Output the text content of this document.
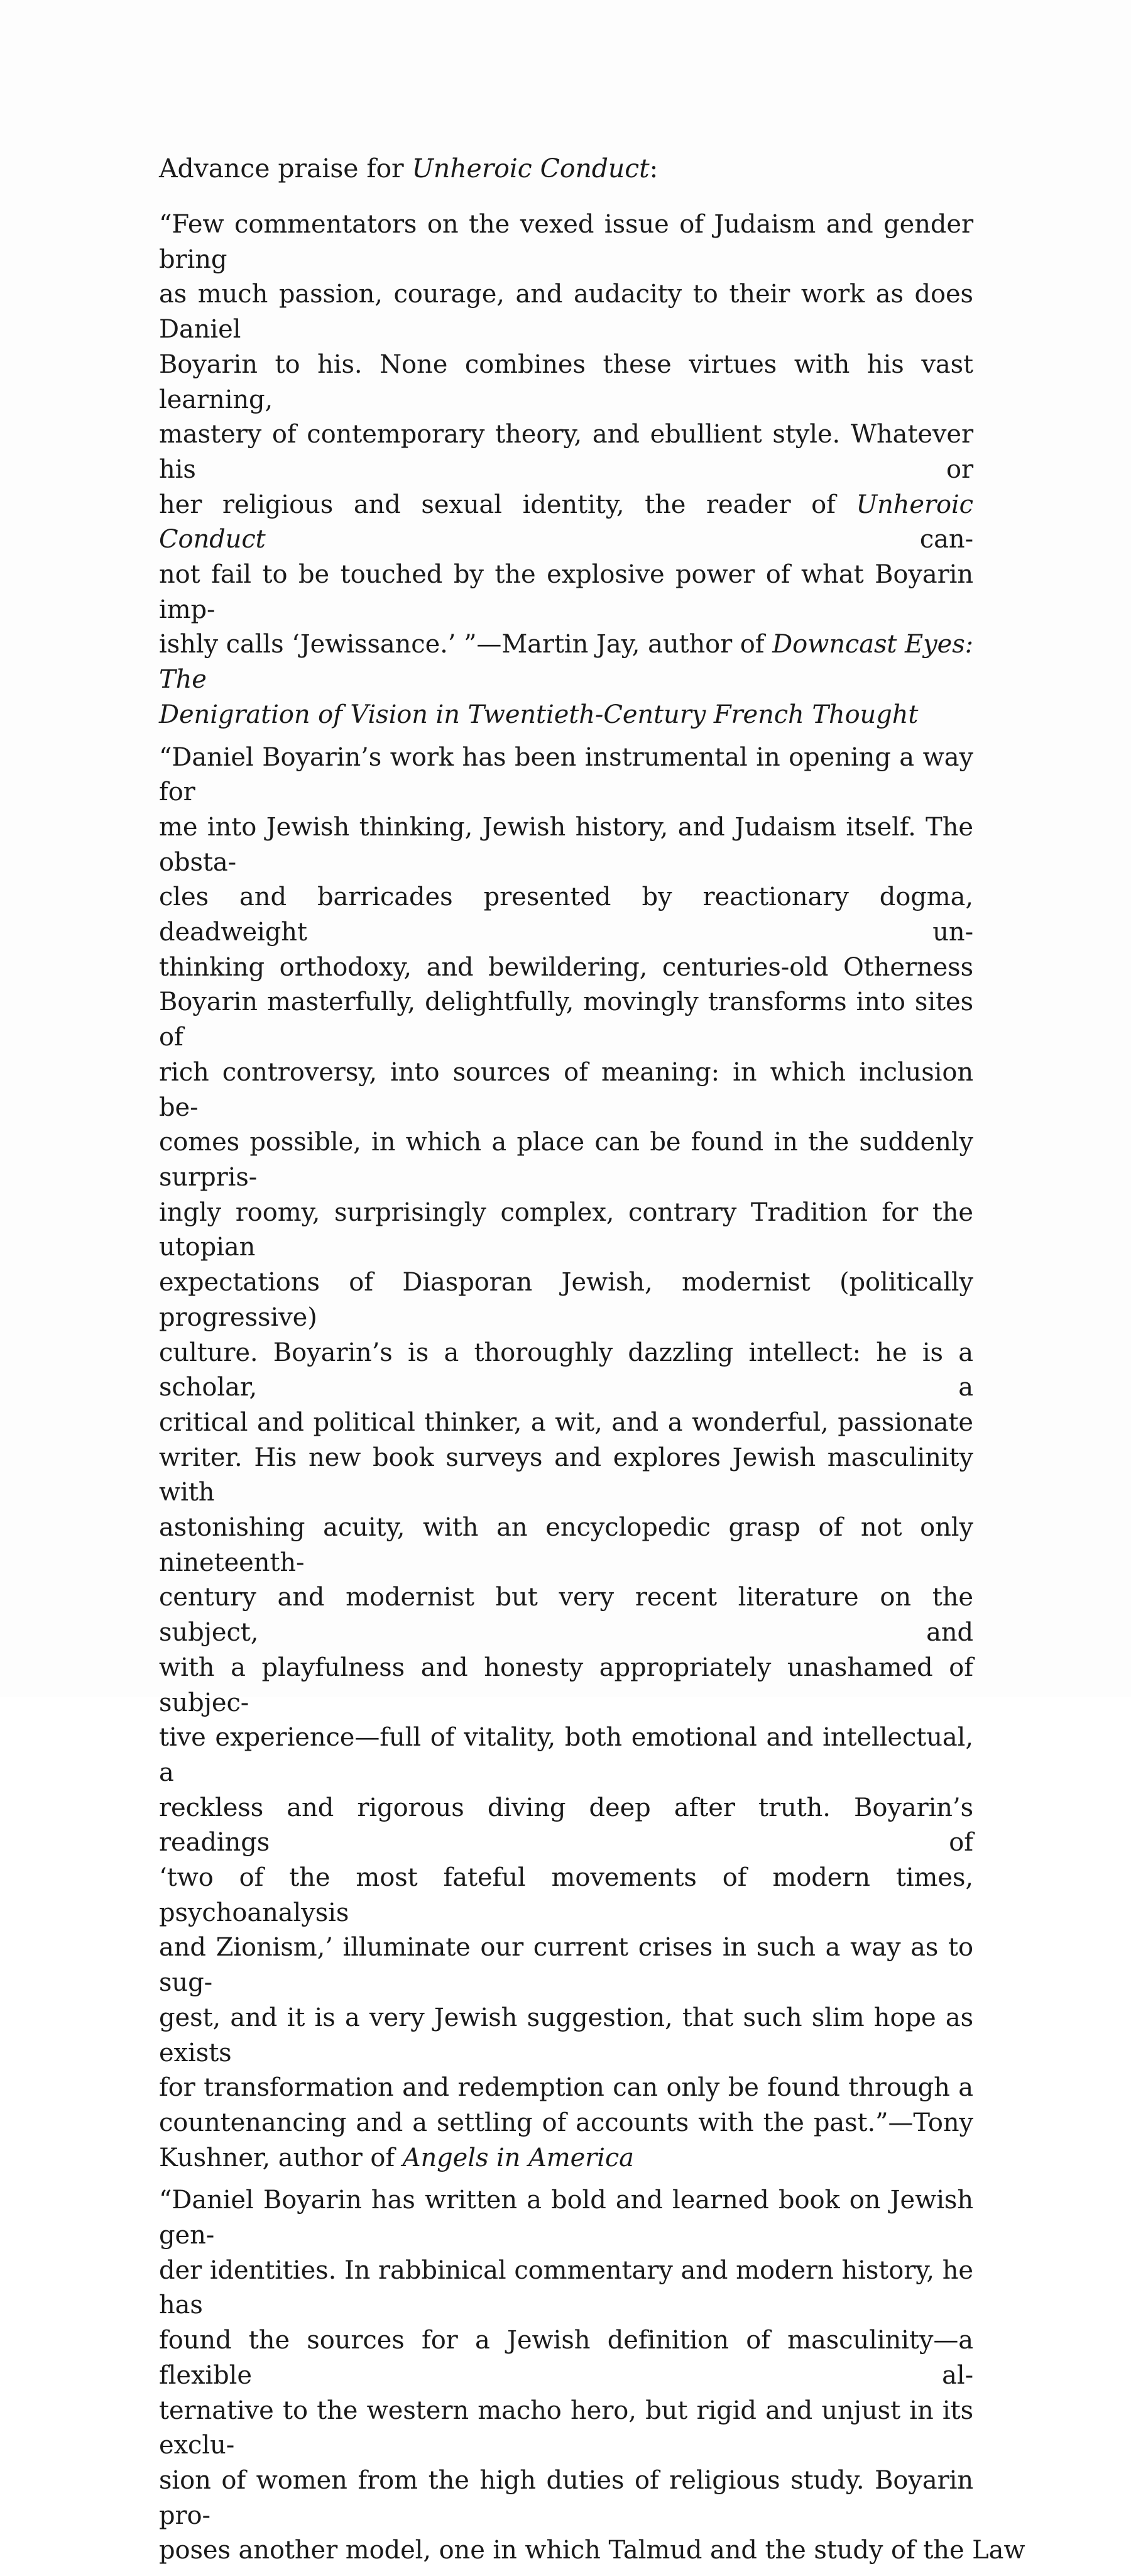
Advance praise for Unheroic Conduct:

“Few commentators on the vexed issue of Judaism and gender bring
as much passion, courage, and audacity to their work as does Daniel
Boyarin to his. None combines these virtues with his vast learning,
mastery of contemporary theory, and ebullient style. Whatever his or
her religious and sexual identity, the reader of Unheroic Conduct can-
not fail to be touched by the explosive power of what Boyarin imp-
ishly calls ‘Jewissance.’ ”—Martin Jay, author of Downcast Eyes: The
Denigration of Vision in Twentieth-Century French Thought
“Daniel Boyarin’s work has been instrumental in opening a way for
me into Jewish thinking, Jewish history, and Judaism itself. The obsta-
cles and barricades presented by reactionary dogma, deadweight un-
thinking orthodoxy, and bewildering, centuries-old Otherness
Boyarin masterfully, delightfully, movingly transforms into sites of
rich controversy, into sources of meaning: in which inclusion be-
comes possible, in which a place can be found in the suddenly surpris-
ingly roomy, surprisingly complex, contrary Tradition for the utopian
expectations of Diasporan Jewish, modernist (politically progressive)
culture. Boyarin’s is a thoroughly dazzling intellect: he is a scholar, a
critical and political thinker, a wit, and a wonderful, passionate
writer. His new book surveys and explores Jewish masculinity with
astonishing acuity, with an encyclopedic grasp of not only nineteenth-
century and modernist but very recent literature on the subject, and
with a playfulness and honesty appropriately unashamed of subjec-
tive experience—full of vitality, both emotional and intellectual, a
reckless and rigorous diving deep after truth. Boyarin’s readings of
‘two of the most fateful movements of modern times, psychoanalysis
and Zionism,’ illuminate our current crises in such a way as to sug-
gest, and it is a very Jewish suggestion, that such slim hope as exists
for transformation and redemption can only be found through a
countenancing and a settling of accounts with the past.”—Tony
Kushner, author of Angels in America
“Daniel Boyarin has written a bold and learned book on Jewish gen-
der identities. In rabbinical commentary and modern history, he has
found the sources for a Jewish definition of masculinity—a flexible al-
ternative to the western macho hero, but rigid and unjust in its exclu-
sion of women from the high duties of religious study. Boyarin pro-
poses another model, one in which Talmud and the study of the Law
